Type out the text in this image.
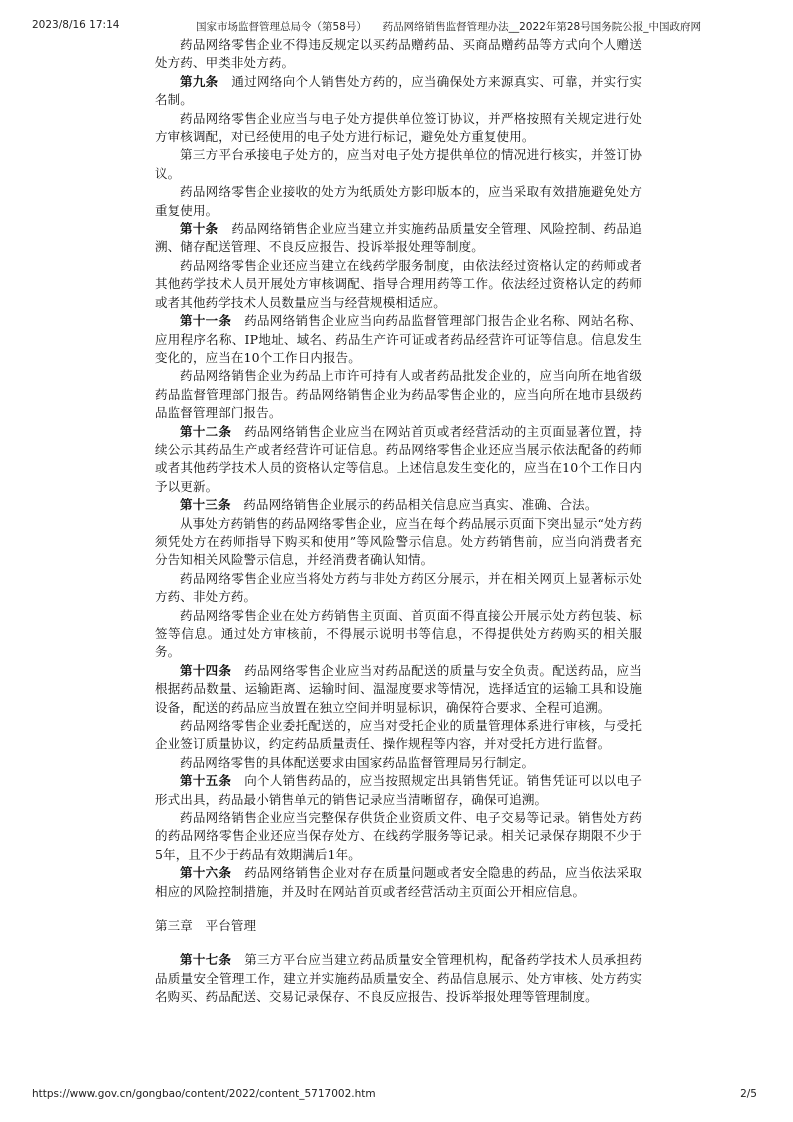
2023/8/16 17:14	国家市场监督管理总局令（第58号）　　药品网络销售监督管理办法__2022年第28号国务院公报_中国政府网

药品网络零售企业不得违反规定以买药品赠药品、买商品赠药品等方式向个人赠送处方药、甲类非处方药。

第九条　 通过网络向个人销售处方药的，应当确保处方来源真实、可靠，并实行实名制。

药品网络零售企业应当与电子处方提供单位签订协议，并严格按照有关规定进行处方审核调配，对已经使用的电子处方进行标记，避免处方重复使用。

第三方平台承接电子处方的，应当对电子处方提供单位的情况进行核实，并签订协议。

药品网络零售企业接收的处方为纸质处方影印版本的，应当采取有效措施避免处方重复使用。

第十条　 药品网络销售企业应当建立并实施药品质量安全管理、风险控制、药品追溯、储存配送管理、不良反应报告、投诉举报处理等制度。

药品网络零售企业还应当建立在线药学服务制度，由依法经过资格认定的药师或者其他药学技术人员开展处方审核调配、指导合理用药等工作。依法经过资格认定的药师或者其他药学技术人员数量应当与经营规模相适应。

第十一条　 药品网络销售企业应当向药品监督管理部门报告企业名称、网站名称、应用程序名称、IP地址、域名、药品生产许可证或者药品经营许可证等信息。信息发生变化的，应当在10个工作日内报告。

药品网络销售企业为药品上市许可持有人或者药品批发企业的，应当向所在地省级药品监督管理部门报告。药品网络销售企业为药品零售企业的，应当向所在地市县级药品监督管理部门报告。

第十二条　 药品网络销售企业应当在网站首页或者经营活动的主页面显著位置，持续公示其药品生产或者经营许可证信息。药品网络零售企业还应当展示依法配备的药师或者其他药学技术人员的资格认定等信息。上述信息发生变化的，应当在10个工作日内予以更新。

第十三条　 药品网络销售企业展示的药品相关信息应当真实、准确、合法。

从事处方药销售的药品网络零售企业，应当在每个药品展示页面下突出显示“处方药须凭处方在药师指导下购买和使用”等风险警示信息。处方药销售前，应当向消费者充分告知相关风险警示信息，并经消费者确认知情。

药品网络零售企业应当将处方药与非处方药区分展示，并在相关网页上显著标示处方药、非处方药。

药品网络零售企业在处方药销售主页面、首页面不得直接公开展示处方药包装、标签等信息。通过处方审核前，不得展示说明书等信息，不得提供处方药购买的相关服务。

第十四条　 药品网络零售企业应当对药品配送的质量与安全负责。配送药品，应当根据药品数量、运输距离、运输时间、温湿度要求等情况，选择适宜的运输工具和设施设备，配送的药品应当放置在独立空间并明显标识，确保符合要求、全程可追溯。

药品网络零售企业委托配送的，应当对受托企业的质量管理体系进行审核，与受托企业签订质量协议，约定药品质量责任、操作规程等内容，并对受托方进行监督。

药品网络零售的具体配送要求由国家药品监督管理局另行制定。

第十五条　 向个人销售药品的，应当按照规定出具销售凭证。销售凭证可以以电子形式出具，药品最小销售单元的销售记录应当清晰留存，确保可追溯。

药品网络销售企业应当完整保存供货企业资质文件、电子交易等记录。销售处方药的药品网络零售企业还应当保存处方、在线药学服务等记录。相关记录保存期限不少于5年，且不少于药品有效期满后1年。

第十六条　 药品网络销售企业对存在质量问题或者安全隐患的药品，应当依法采取相应的风险控制措施，并及时在网站首页或者经营活动主页面公开相应信息。

第三章　平台管理

第十七条　 第三方平台应当建立药品质量安全管理机构，配备药学技术人员承担药品质量安全管理工作，建立并实施药品质量安全、药品信息展示、处方审核、处方药实名购买、药品配送、交易记录保存、不良反应报告、投诉举报处理等管理制度。

https://www.gov.cn/gongbao/content/2022/content_5717002.htm	2/5
